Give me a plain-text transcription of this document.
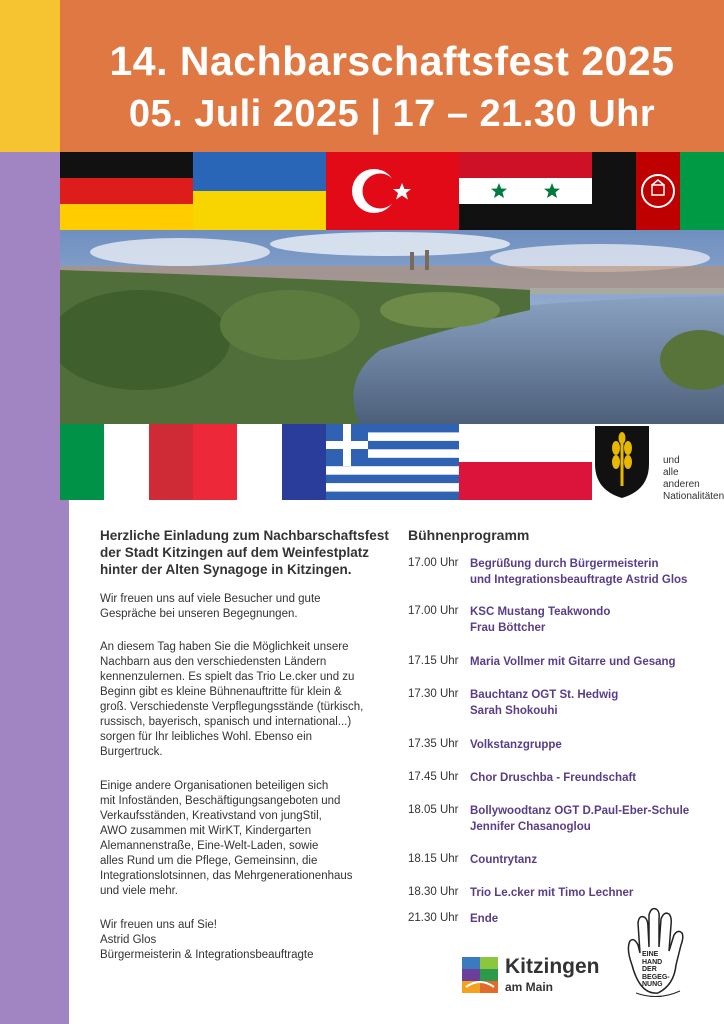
14. Nachbarschaftsfest 2025
05. Juli 2025 | 17 – 21.30 Uhr
und
alle
anderen
Nationalitäten
Herzliche Einladung zum Nachbarschaftsfest
der Stadt Kitzingen auf dem Weinfestplatz
hinter der Alten Synagoge in Kitzingen.
Wir freuen uns auf viele Besucher und gute
Gespräche bei unseren Begegnungen.
An diesem Tag haben Sie die Möglichkeit unsere
Nachbarn aus den verschiedensten Ländern
kennenzulernen. Es spielt das Trio Le.cker und zu
Beginn gibt es kleine Bühnenauftritte für klein &
groß. Verschiedenste Verpflegungsstände (türkisch,
russisch, bayerisch, spanisch und international...)
sorgen für Ihr leibliches Wohl. Ebenso ein
Burgertruck.
Einige andere Organisationen beteiligen sich
mit Infoständen, Beschäftigungsangeboten und
Verkaufsständen, Kreativstand von jungStil,
AWO zusammen mit WirKT, Kindergarten
Alemannenstraße, Eine-Welt-Laden, sowie
alles Rund um die Pflege, Gemeinsinn, die
Integrationslotsinnen, das Mehrgenerationenhaus
und viele mehr.
Wir freuen uns auf Sie!
Astrid Glos
Bürgermeisterin & Integrationsbeauftragte
Bühnenprogramm
17.00 Uhr Begrüßung durch Bürgermeisterin
und Integrationsbeauftragte Astrid Glos
17.00 Uhr KSC Mustang Teakwondo
Frau Böttcher
17.15 Uhr Maria Vollmer mit Gitarre und Gesang
17.30 Uhr Bauchtanz OGT St. Hedwig
Sarah Shokouhi
17.35 Uhr Volkstanzgruppe
17.45 Uhr Chor Druschba - Freundschaft
18.05 Uhr Bollywoodtanz OGT D.Paul-Eber-Schule
Jennifer Chasanoglou
18.15 Uhr Countrytanz
18.30 Uhr Trio Le.cker mit Timo Lechner
21.30 Uhr Ende
Kitzingen
am Main
EINE
HAND
DER
BEGEG-
NUNG
